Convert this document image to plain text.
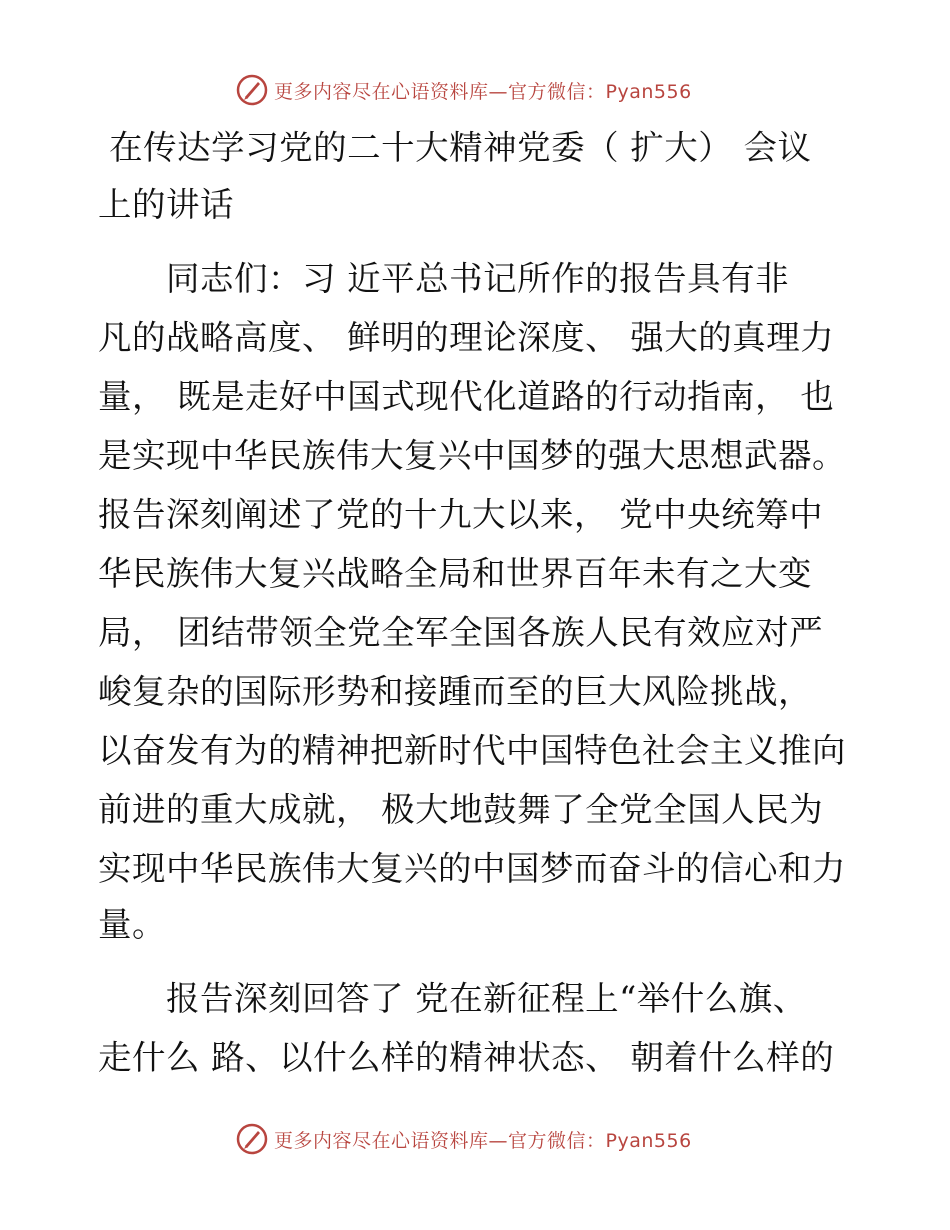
更多内容尽在心语资料库—官方微信：Pyan556
在传达学习党的二十大精神党委（ 扩大） 会议
上的讲话
　　同志们：习 近平总书记所作的报告具有非
凡的战略高度、 鲜明的理论深度、 强大的真理力
量， 既是走好中国式现代化道路的行动指南， 也
是实现中华民族伟大复兴中国梦的强大思想武器。
报告深刻阐述了党的十九大以来， 党中央统筹中
华民族伟大复兴战略全局和世界百年未有之大变
局， 团结带领全党全军全国各族人民有效应对严
峻复杂的国际形势和接踵而至的巨大风险挑战，
以奋发有为的精神把新时代中国特色社会主义推向
前进的重大成就， 极大地鼓舞了全党全国人民为
实现中华民族伟大复兴的中国梦而奋斗的信心和力
量。
　　报告深刻回答了 党在新征程上“举什么旗、
走什么 路、以什么样的精神状态、 朝着什么样的
更多内容尽在心语资料库—官方微信：Pyan556
